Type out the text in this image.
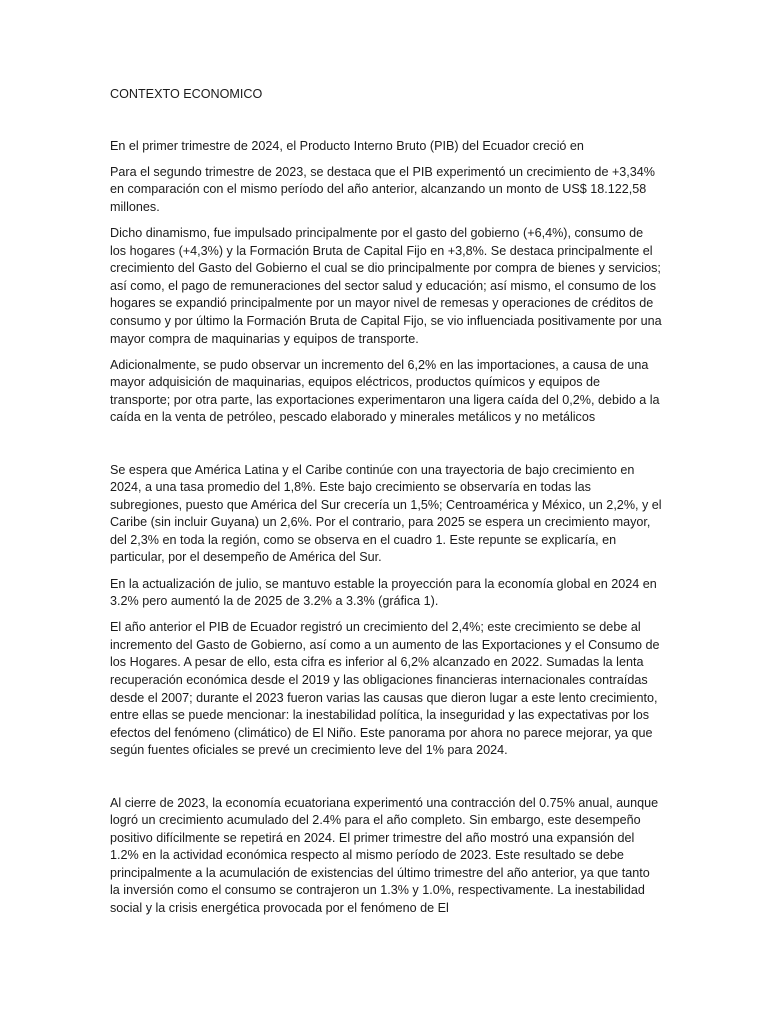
CONTEXTO ECONOMICO

En el primer trimestre de 2024, el Producto Interno Bruto (PIB) del Ecuador creció en

Para el segundo trimestre de 2023, se destaca que el PIB experimentó un crecimiento de +3,34% en comparación con el mismo período del año anterior, alcanzando un monto de US$ 18.122,58 millones.

Dicho dinamismo, fue impulsado principalmente por el gasto del gobierno (+6,4%), consumo de los hogares (+4,3%) y la Formación Bruta de Capital Fijo en +3,8%. Se destaca principalmente el crecimiento del Gasto del Gobierno el cual se dio principalmente por compra de bienes y servicios; así como, el pago de remuneraciones del sector salud y educación; así mismo, el consumo de los hogares se expandió principalmente por un mayor nivel de remesas y operaciones de créditos de consumo y por último la Formación Bruta de Capital Fijo, se vio influenciada positivamente por una mayor compra de maquinarias y equipos de transporte.

Adicionalmente, se pudo observar un incremento del 6,2% en las importaciones, a causa de una mayor adquisición de maquinarias, equipos eléctricos, productos químicos y equipos de transporte; por otra parte, las exportaciones experimentaron una ligera caída del 0,2%, debido a la caída en la venta de petróleo, pescado elaborado y minerales metálicos y no metálicos

Se espera que América Latina y el Caribe continúe con una trayectoria de bajo crecimiento en 2024, a una tasa promedio del 1,8%. Este bajo crecimiento se observaría en todas las subregiones, puesto que América del Sur crecería un 1,5%; Centroamérica y México, un 2,2%, y el Caribe (sin incluir Guyana) un 2,6%. Por el contrario, para 2025 se espera un crecimiento mayor, del 2,3% en toda la región, como se observa en el cuadro 1. Este repunte se explicaría, en particular, por el desempeño de América del Sur.

En la actualización de julio, se mantuvo estable la proyección para la economía global en 2024 en 3.2% pero aumentó la de 2025 de 3.2% a 3.3% (gráfica 1).

El año anterior el PIB de Ecuador registró un crecimiento del 2,4%; este crecimiento se debe al incremento del Gasto de Gobierno, así como a un aumento de las Exportaciones y el Consumo de los Hogares. A pesar de ello, esta cifra es inferior al 6,2% alcanzado en 2022. Sumadas la lenta recuperación económica desde el 2019 y las obligaciones financieras internacionales contraídas desde el 2007; durante el 2023 fueron varias las causas que dieron lugar a este lento crecimiento, entre ellas se puede mencionar: la inestabilidad política, la inseguridad y las expectativas por los efectos del fenómeno (climático) de El Niño. Este panorama por ahora no parece mejorar, ya que según fuentes oficiales se prevé un crecimiento leve del 1% para 2024.

Al cierre de 2023, la economía ecuatoriana experimentó una contracción del 0.75% anual, aunque logró un crecimiento acumulado del 2.4% para el año completo. Sin embargo, este desempeño positivo difícilmente se repetirá en 2024. El primer trimestre del año mostró una expansión del 1.2% en la actividad económica respecto al mismo período de 2023. Este resultado se debe principalmente a la acumulación de existencias del último trimestre del año anterior, ya que tanto la inversión como el consumo se contrajeron un 1.3% y 1.0%, respectivamente. La inestabilidad social y la crisis energética provocada por el fenómeno de El
